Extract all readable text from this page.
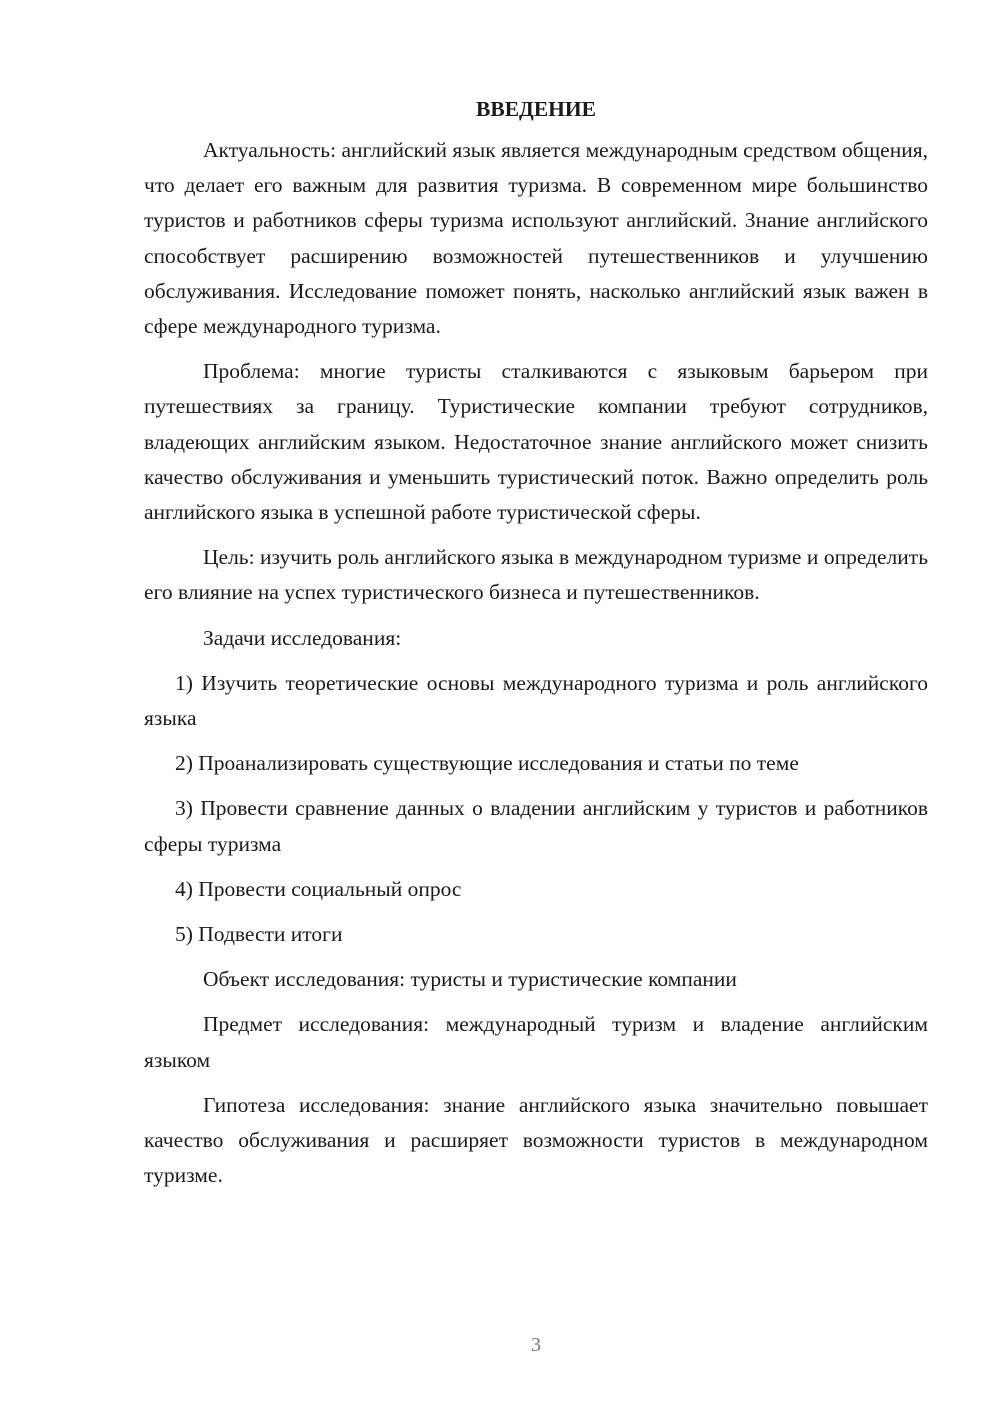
ВВЕДЕНИЕ

Актуальность: английский язык является международным средством общения, что делает его важным для развития туризма. В современном мире большинство туристов и работников сферы туризма используют английский. Знание английского способствует расширению возможностей путешественников и улучшению обслуживания. Исследование поможет понять, насколько английский язык важен в сфере международного туризма.

Проблема: многие туристы сталкиваются с языковым барьером при путешествиях за границу. Туристические компании требуют сотрудников, владеющих английским языком. Недостаточное знание английского может снизить качество обслуживания и уменьшить туристический поток. Важно определить роль английского языка в успешной работе туристической сферы.

Цель: изучить роль английского языка в международном туризме и определить его влияние на успех туристического бизнеса и путешественников.

Задачи исследования:

1) Изучить теоретические основы международного туризма и роль английского языка

2) Проанализировать существующие исследования и статьи по теме

3) Провести сравнение данных о владении английским у туристов и работников сферы туризма

4) Провести социальный опрос

5) Подвести итоги

Объект исследования: туристы и туристические компании

Предмет исследования: международный туризм и владение английским языком

Гипотеза исследования: знание английского языка значительно повышает качество обслуживания и расширяет возможности туристов в международном туризме.

3
